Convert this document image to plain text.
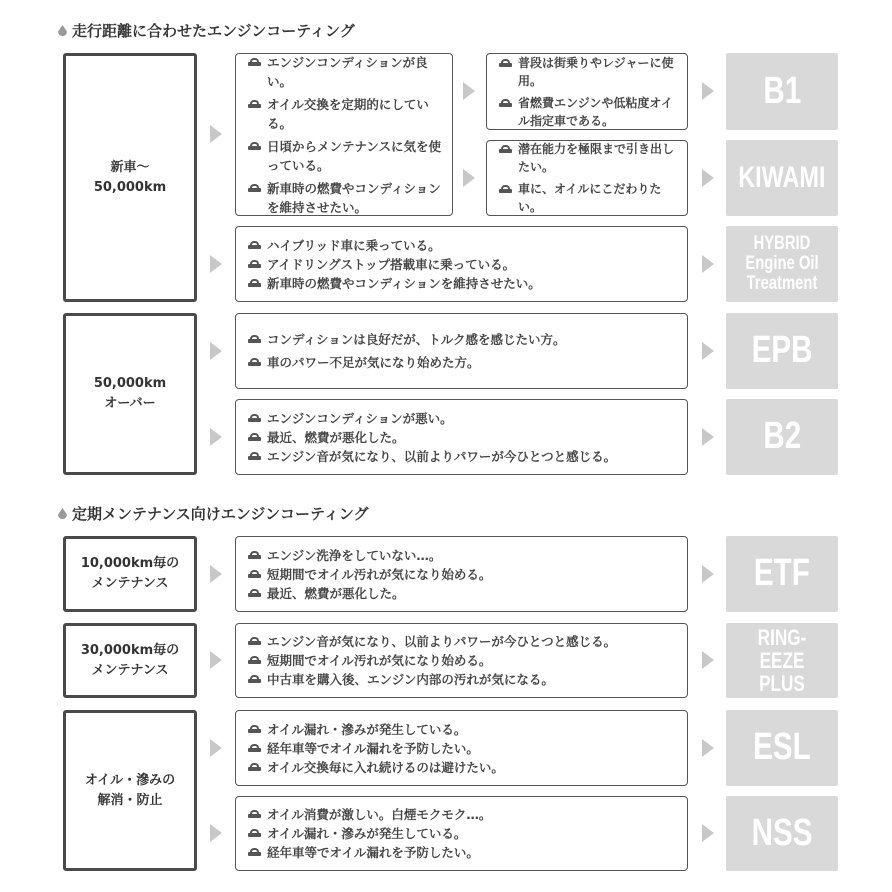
走行距離に合わせたエンジンコーティング
定期メンテナンス向けエンジンコーティング
新車〜
50,000km
50,000km
オーバー
10,000km毎の
メンテナンス
30,000km毎の
メンテナンス
オイル・滲みの
解消・防止
エンジンコンディションが良い。
オイル交換を定期的にしている。
日頃からメンテナンスに気を使っている。
新車時の燃費やコンディションを維持させたい。
普段は街乗りやレジャーに使用。
省燃費エンジンや低粘度オイル指定車である。
潜在能力を極限まで引き出したい。
車に、オイルにこだわりたい。
ハイブリッド車に乗っている。
アイドリングストップ搭載車に乗っている。
新車時の燃費やコンディションを維持させたい。
コンディションは良好だが、トルク感を感じたい方。
車のパワー不足が気になり始めた方。
エンジンコンディションが悪い。
最近、燃費が悪化した。
エンジン音が気になり、以前よりパワーが今ひとつと感じる。
エンジン洗浄をしていない…。
短期間でオイル汚れが気になり始める。
最近、燃費が悪化した。
エンジン音が気になり、以前よりパワーが今ひとつと感じる。
短期間でオイル汚れが気になり始める。
中古車を購入後、エンジン内部の汚れが気になる。
オイル漏れ・滲みが発生している。
経年車等でオイル漏れを予防したい。
オイル交換毎に入れ続けるのは避けたい。
オイル消費が激しい。白煙モクモク…。
オイル漏れ・滲みが発生している。
経年車等でオイル漏れを予防したい。
B1
KIWAMI
HYBRID
Engine Oil
Treatment
EPB
B2
ETF
RING-EEZE
PLUS
ESL
NSS
